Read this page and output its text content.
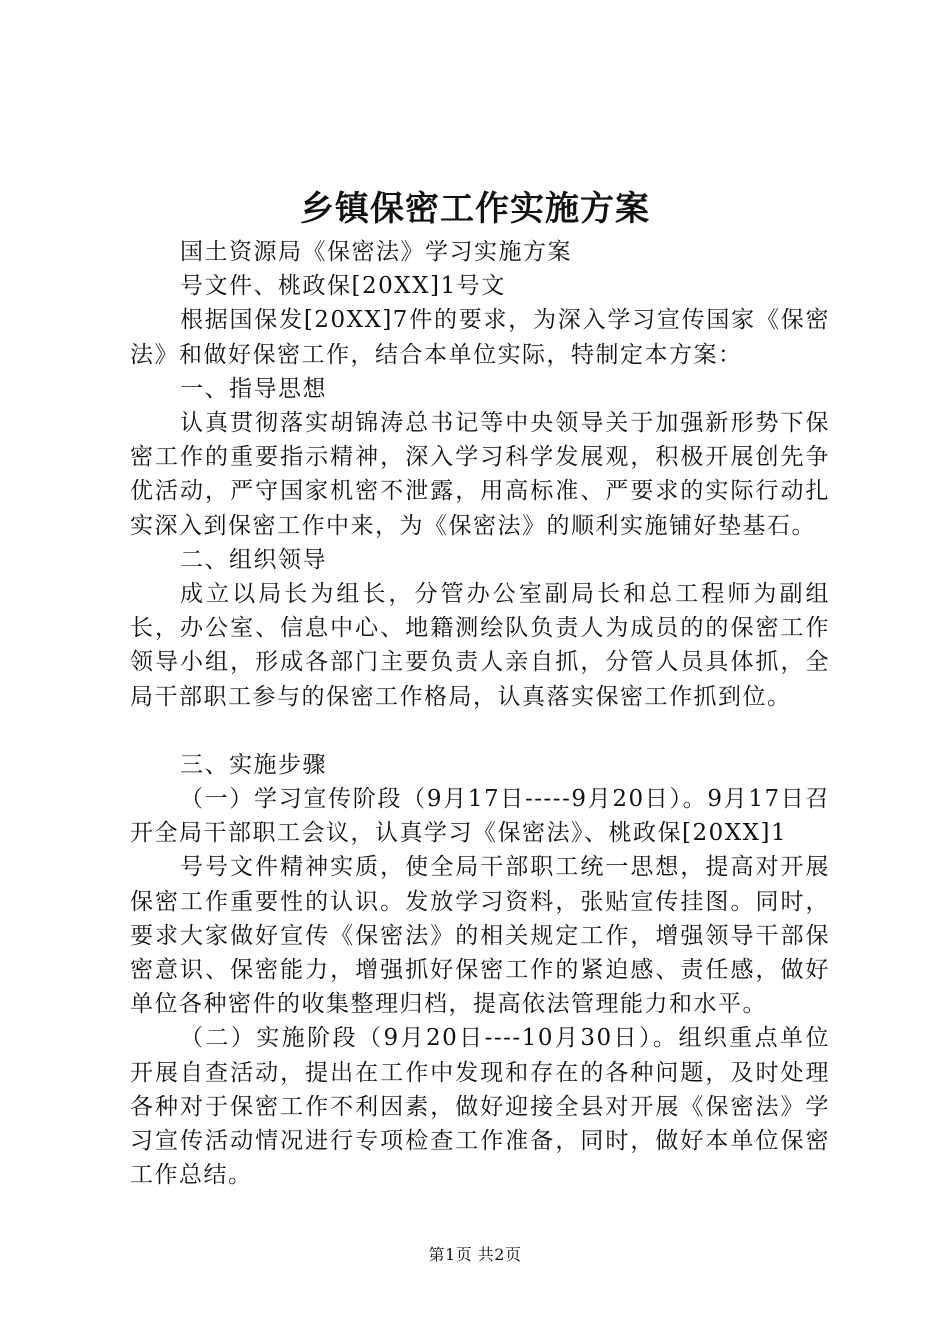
乡镇保密工作实施方案

国土资源局《保密法》学习实施方案

号文件、桃政保[20XX]1号文

根据国保发[20XX]7件的要求，为深入学习宣传国家《保密法》和做好保密工作，结合本单位实际，特制定本方案：

一、指导思想

认真贯彻落实胡锦涛总书记等中央领导关于加强新形势下保密工作的重要指示精神，深入学习科学发展观，积极开展创先争优活动，严守国家机密不泄露，用高标准、严要求的实际行动扎实深入到保密工作中来，为《保密法》的顺利实施铺好垫基石。

二、组织领导

成立以局长为组长，分管办公室副局长和总工程师为副组长，办公室、信息中心、地籍测绘队负责人为成员的的保密工作领导小组，形成各部门主要负责人亲自抓，分管人员具体抓，全局干部职工参与的保密工作格局，认真落实保密工作抓到位。

三、实施步骤

（一）学习宣传阶段（9月17日-----9月20日）。9月17日召开全局干部职工会议，认真学习《保密法》、桃政保[20XX]1

号号文件精神实质，使全局干部职工统一思想，提高对开展保密工作重要性的认识。发放学习资料，张贴宣传挂图。同时，要求大家做好宣传《保密法》的相关规定工作，增强领导干部保密意识、保密能力，增强抓好保密工作的紧迫感、责任感，做好单位各种密件的收集整理归档，提高依法管理能力和水平。

（二）实施阶段（9月20日----10月30日）。组织重点单位开展自查活动，提出在工作中发现和存在的各种问题，及时处理各种对于保密工作不利因素，做好迎接全县对开展《保密法》学习宣传活动情况进行专项检查工作准备，同时，做好本单位保密工作总结。

第1页 共2页
